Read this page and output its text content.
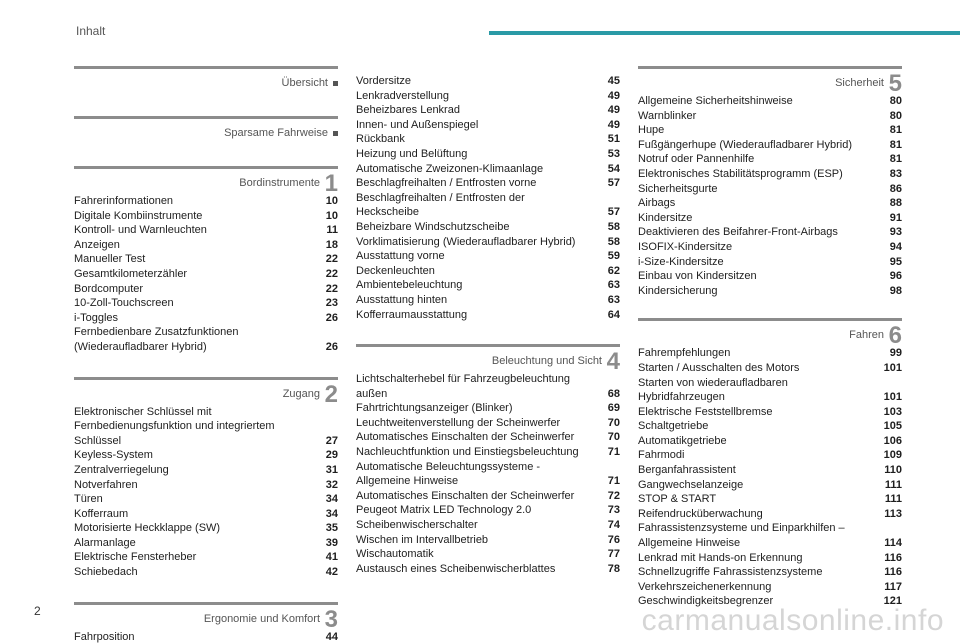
Inhalt
Übersicht
Sparsame Fahrweise
Bordinstrumente 1
Fahrerinformationen	10
Digitale Kombiinstrumente	10
Kontroll- und Warnleuchten	11
Anzeigen	18
Manueller Test	22
Gesamtkilometerzähler	22
Bordcomputer	22
10-Zoll-Touchscreen	23
i-Toggles	26
Fernbedienbare Zusatzfunktionen (Wiederaufladbarer Hybrid)	26
Zugang 2
Elektronischer Schlüssel mit Fernbedienungsfunktion und integriertem Schlüssel	27
Keyless-System	29
Zentralverriegelung	31
Notverfahren	32
Türen	34
Kofferraum	34
Motorisierte Heckklappe (SW)	35
Alarmanlage	39
Elektrische Fensterheber	41
Schiebedach	42
Ergonomie und Komfort 3
Fahrposition	44
Vordersitze	45
Lenkradverstellung	49
Beheizbares Lenkrad	49
Innen- und Außenspiegel	49
Rückbank	51
Heizung und Belüftung	53
Automatische Zweizonen-Klimaanlage	54
Beschlagfreihalten / Entfrosten vorne	57
Beschlagfreihalten / Entfrosten der Heckscheibe	57
Beheizbare Windschutzscheibe	58
Vorklimatisierung (Wiederaufladbarer Hybrid)	58
Ausstattung vorne	59
Deckenleuchten	62
Ambientebeleuchtung	63
Ausstattung hinten	63
Kofferraumausstattung	64
Beleuchtung und Sicht 4
Lichtschalterhebel für Fahrzeugbeleuchtung außen	68
Fahrtrichtungsanzeiger (Blinker)	69
Leuchtweitenverstellung der Scheinwerfer	70
Automatisches Einschalten der Scheinwerfer	70
Nachleuchtfunktion und Einstiegsbeleuchtung	71
Automatische Beleuchtungssysteme - Allgemeine Hinweise	71
Automatisches Einschalten der Scheinwerfer	72
Peugeot Matrix LED Technology 2.0	73
Scheibenwischerschalter	74
Wischen im Intervallbetrieb	76
Wischautomatik	77
Austausch eines Scheibenwischerblattes	78
Sicherheit 5
Allgemeine Sicherheitshinweise	80
Warnblinker	80
Hupe	81
Fußgängerhupe (Wiederaufladbarer Hybrid)	81
Notruf oder Pannenhilfe	81
Elektronisches Stabilitätsprogramm (ESP)	83
Sicherheitsgurte	86
Airbags	88
Kindersitze	91
Deaktivieren des Beifahrer-Front-Airbags	93
ISOFIX-Kindersitze	94
i-Size-Kindersitze	95
Einbau von Kindersitzen	96
Kindersicherung	98
Fahren 6
Fahrempfehlungen	99
Starten / Ausschalten des Motors	101
Starten von wiederaufladbaren Hybridfahrzeugen	101
Elektrische Feststellbremse	103
Schaltgetriebe	105
Automatikgetriebe	106
Fahrmodi	109
Berganfahrassistent	110
Gangwechselanzeige	111
STOP & START	111
Reifendrucküberwachung	113
Fahrassistenzsysteme und Einparkhilfen – Allgemeine Hinweise	114
Lenkrad mit Hands-on Erkennung	116
Schnellzugriffe Fahrassistenzsysteme	116
Verkehrszeichenerkennung	117
Geschwindigkeitsbegrenzer	121
2	carmanualsonline.info
